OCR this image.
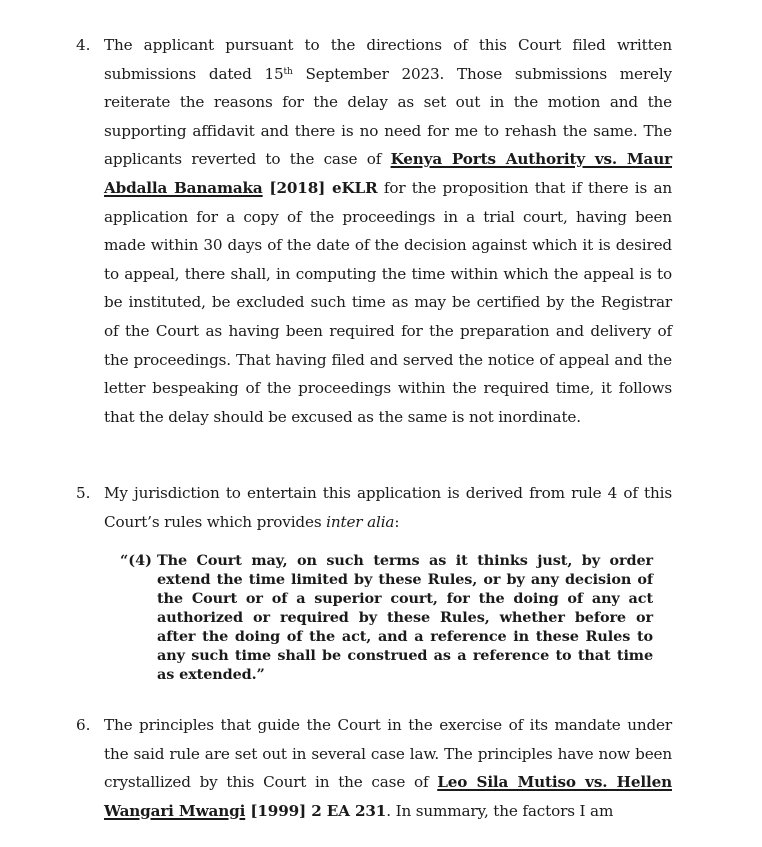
4. The applicant pursuant to the directions of this Court filed written submissions dated 15th September 2023. Those submissions merely reiterate the reasons for the delay as set out in the motion and the supporting affidavit and there is no need for me to rehash the same. The applicants reverted to the case of Kenya Ports Authority vs. Maur Abdalla Banamaka [2018] eKLR for the proposition that if there is an application for a copy of the proceedings in a trial court, having been made within 30 days of the date of the decision against which it is desired to appeal, there shall, in computing the time within which the appeal is to be instituted, be excluded such time as may be certified by the Registrar of the Court as having been required for the preparation and delivery of the proceedings. That having filed and served the notice of appeal and the letter bespeaking of the proceedings within the required time, it follows that the delay should be excused as the same is not inordinate.
5. My jurisdiction to entertain this application is derived from rule 4 of this Court’s rules which provides inter alia:
“(4) The Court may, on such terms as it thinks just, by order extend the time limited by these Rules, or by any decision of the Court or of a superior court, for the doing of any act authorized or required by these Rules, whether before or after the doing of the act, and a reference in these Rules to any such time shall be construed as a reference to that time as extended.”
6. The principles that guide the Court in the exercise of its mandate under the said rule are set out in several case law. The principles have now been crystallized by this Court in the case of Leo Sila Mutiso vs. Hellen Wangari Mwangi [1999] 2 EA 231. In summary, the factors I am
